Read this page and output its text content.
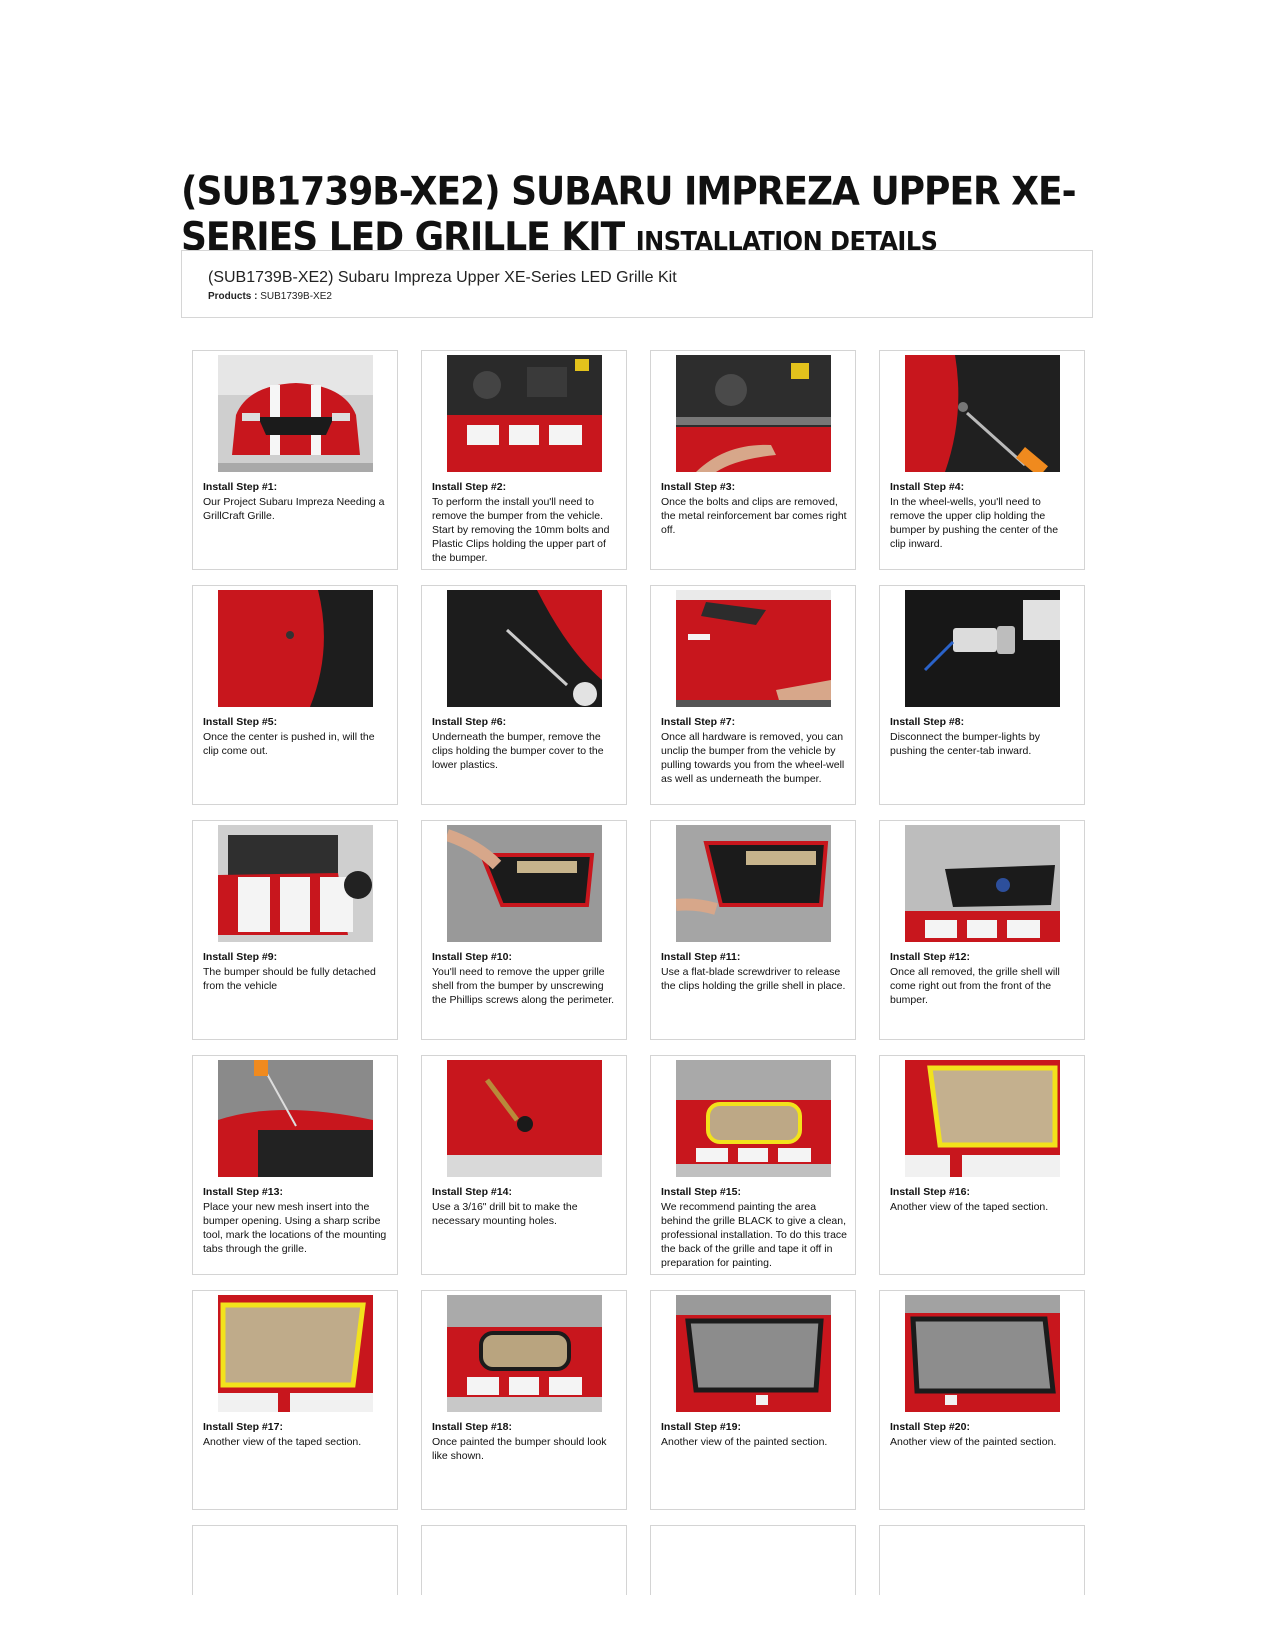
(SUB1739B-XE2) SUBARU IMPREZA UPPER XE-SERIES LED GRILLE KIT INSTALLATION DETAILS
(SUB1739B-XE2) Subaru Impreza Upper XE-Series LED Grille Kit
Products : SUB1739B-XE2
Install Step #1:
Our Project Subaru Impreza Needing a GrillCraft Grille.
Install Step #2:
To perform the install you'll need to remove the bumper from the vehicle. Start by removing the 10mm bolts and Plastic Clips holding the upper part of the bumper.
Install Step #3:
Once the bolts and clips are removed, the metal reinforcement bar comes right off.
Install Step #4:
In the wheel-wells, you'll need to remove the upper clip holding the bumper by pushing the center of the clip inward.
Install Step #5:
Once the center is pushed in, will the clip come out.
Install Step #6:
Underneath the bumper, remove the clips holding the bumper cover to the lower plastics.
Install Step #7:
Once all hardware is removed, you can unclip the bumper from the vehicle by pulling towards you from the wheel-well as well as underneath the bumper.
Install Step #8:
Disconnect the bumper-lights by pushing the center-tab inward.
Install Step #9:
The bumper should be fully detached from the vehicle
Install Step #10:
You'll need to remove the upper grille shell from the bumper by unscrewing the Phillips screws along the perimeter.
Install Step #11:
Use a flat-blade screwdriver to release the clips holding the grille shell in place.
Install Step #12:
Once all removed, the grille shell will come right out from the front of the bumper.
Install Step #13:
Place your new mesh insert into the bumper opening. Using a sharp scribe tool, mark the locations of the mounting tabs through the grille.
Install Step #14:
Use a 3/16" drill bit to make the necessary mounting holes.
Install Step #15:
We recommend painting the area behind the grille BLACK to give a clean, professional installation. To do this trace the back of the grille and tape it off in preparation for painting.
Install Step #16:
Another view of the taped section.
Install Step #17:
Another view of the taped section.
Install Step #18:
Once painted the bumper should look like shown.
Install Step #19:
Another view of the painted section.
Install Step #20:
Another view of the painted section.
